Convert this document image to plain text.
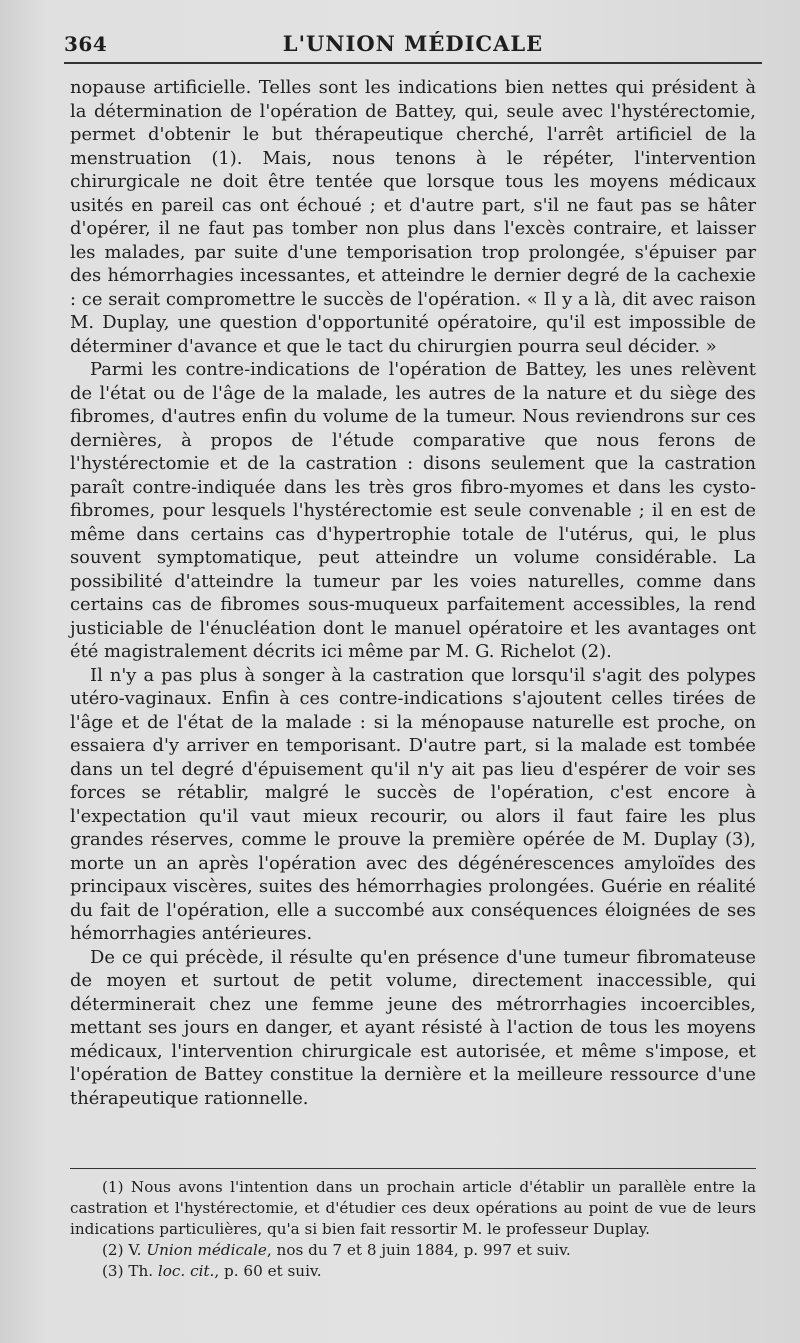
364	L'UNION MÉDICALE

nopause artificielle. Telles sont les indications bien nettes qui président à la détermination de l'opération de Battey, qui, seule avec l'hystérectomie, permet d'obtenir le but thérapeutique cherché, l'arrêt artificiel de la menstruation (1). Mais, nous tenons à le répéter, l'intervention chirurgicale ne doit être tentée que lorsque tous les moyens médicaux usités en pareil cas ont échoué ; et d'autre part, s'il ne faut pas se hâter d'opérer, il ne faut pas tomber non plus dans l'excès contraire, et laisser les malades, par suite d'une temporisation trop prolongée, s'épuiser par des hémorrhagies incessantes, et atteindre le dernier degré de la cachexie : ce serait compromettre le succès de l'opération. « Il y a là, dit avec raison M. Duplay, une question d'opportunité opératoire, qu'il est impossible de déterminer d'avance et que le tact du chirurgien pourra seul décider. »

Parmi les contre-indications de l'opération de Battey, les unes relèvent de l'état ou de l'âge de la malade, les autres de la nature et du siège des fibromes, d'autres enfin du volume de la tumeur. Nous reviendrons sur ces dernières, à propos de l'étude comparative que nous ferons de l'hystérectomie et de la castration : disons seulement que la castration paraît contre-indiquée dans les très gros fibro-myomes et dans les cysto-fibromes, pour lesquels l'hystérectomie est seule convenable ; il en est de même dans certains cas d'hypertrophie totale de l'utérus, qui, le plus souvent symptomatique, peut atteindre un volume considérable. La possibilité d'atteindre la tumeur par les voies naturelles, comme dans certains cas de fibromes sous-muqueux parfaitement accessibles, la rend justiciable de l'énucléation dont le manuel opératoire et les avantages ont été magistralement décrits ici même par M. G. Richelot (2).

Il n'y a pas plus à songer à la castration que lorsqu'il s'agit des polypes utéro-vaginaux. Enfin à ces contre-indications s'ajoutent celles tirées de l'âge et de l'état de la malade : si la ménopause naturelle est proche, on essaiera d'y arriver en temporisant. D'autre part, si la malade est tombée dans un tel degré d'épuisement qu'il n'y ait pas lieu d'espérer de voir ses forces se rétablir, malgré le succès de l'opération, c'est encore à l'expectation qu'il vaut mieux recourir, ou alors il faut faire les plus grandes réserves, comme le prouve la première opérée de M. Duplay (3), morte un an après l'opération avec des dégénérescences amyloïdes des principaux viscères, suites des hémorrhagies prolongées. Guérie en réalité du fait de l'opération, elle a succombé aux conséquences éloignées de ses hémorrhagies antérieures.

De ce qui précède, il résulte qu'en présence d'une tumeur fibromateuse de moyen et surtout de petit volume, directement inaccessible, qui déterminerait chez une femme jeune des métrorrhagies incoercibles, mettant ses jours en danger, et ayant résisté à l'action de tous les moyens médicaux, l'intervention chirurgicale est autorisée, et même s'impose, et l'opération de Battey constitue la dernière et la meilleure ressource d'une thérapeutique rationnelle.

(1) Nous avons l'intention dans un prochain article d'établir un parallèle entre la castration et l'hystérectomie, et d'étudier ces deux opérations au point de vue de leurs indications particulières, qu'a si bien fait ressortir M. le professeur Duplay.

(2) V. Union médicale, nos du 7 et 8 juin 1884, p. 997 et suiv.

(3) Th. loc. cit., p. 60 et suiv.
